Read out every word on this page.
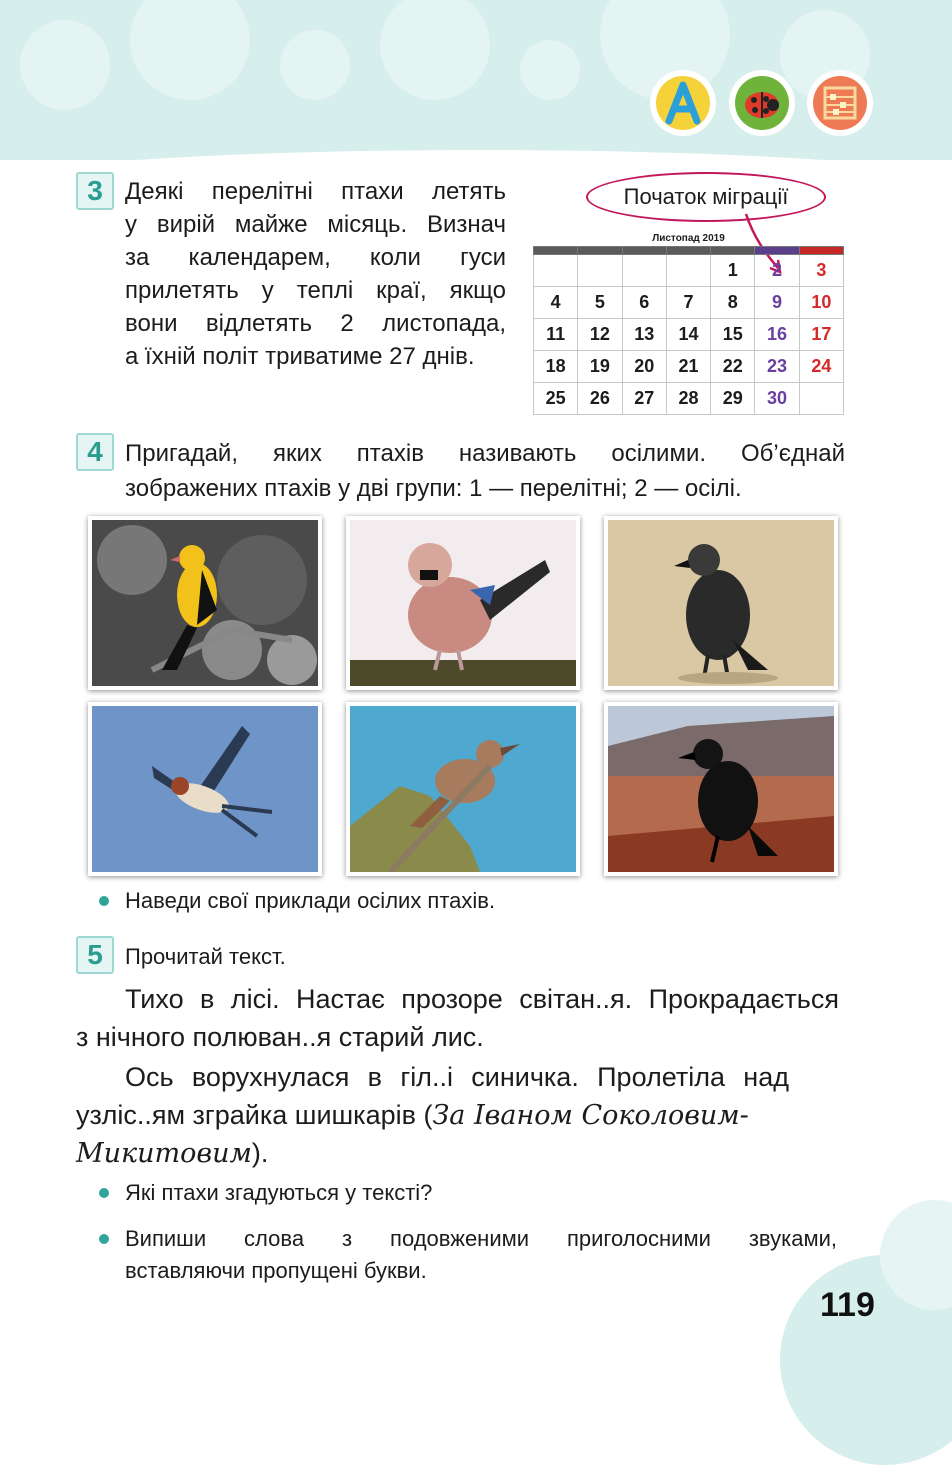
3 Деякі перелітні птахи летять
у вирій майже місяць. Визнач
за календарем, коли гуси
прилетять у теплі краї, якщо
вони відлетять 2 листопада,
а їхній політ триватиме 27 днів.
Початок міграції
Листопад 2019

				1	2	3
4	5	6	7	8	9	10
11	12	13	14	15	16	17
18	19	20	21	22	23	24
25	26	27	28	29	30	
4 Пригадай, яких птахів називають осілими. Об’єднай
зображених птахів у дві групи: 1 — перелітні; 2 — осілі.
Наведи свої приклади осілих птахів.
5	Прочитай текст.
Тихо в лісі. Настає прозоре світан..я. Прокрадається
з нічного полюван..я старий лис.
Ось ворухнулася в гіл..і синичка. Пролетіла над
узліс..ям зграйка шишкарів (За Іваном Соколовим-
Микитовим).
Які птахи згадуються у тексті?
Випиши слова з подовженими приголосними звуками,
вставляючи пропущені букви.
119
